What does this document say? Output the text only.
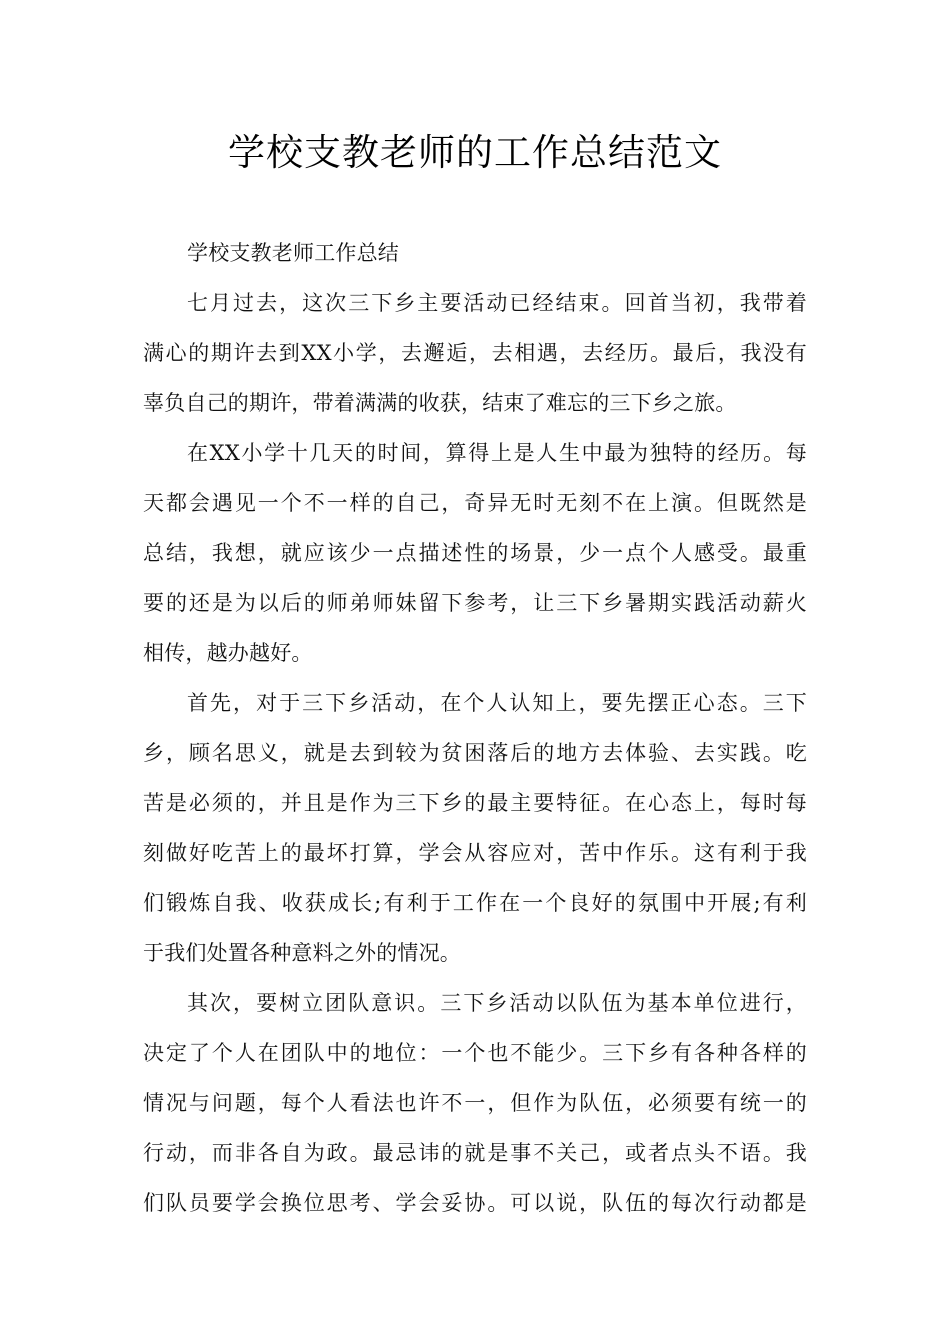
学校支教老师的工作总结范文
学校支教老师工作总结
七月过去，这次三下乡主要活动已经结束。回首当初，我带着
满心的期许去到XX小学，去邂逅，去相遇，去经历。最后，我没有
辜负自己的期许，带着满满的收获，结束了难忘的三下乡之旅。
在XX小学十几天的时间，算得上是人生中最为独特的经历。每
天都会遇见一个不一样的自己，奇异无时无刻不在上演。但既然是
总结，我想，就应该少一点描述性的场景，少一点个人感受。最重
要的还是为以后的师弟师妹留下参考，让三下乡暑期实践活动薪火
相传，越办越好。
首先，对于三下乡活动，在个人认知上，要先摆正心态。三下
乡，顾名思义，就是去到较为贫困落后的地方去体验、去实践。吃
苦是必须的，并且是作为三下乡的最主要特征。在心态上，每时每
刻做好吃苦上的最坏打算，学会从容应对，苦中作乐。这有利于我
们锻炼自我、收获成长;有利于工作在一个良好的氛围中开展;有利
于我们处置各种意料之外的情况。
其次，要树立团队意识。三下乡活动以队伍为基本单位进行，
决定了个人在团队中的地位：一个也不能少。三下乡有各种各样的
情况与问题，每个人看法也许不一，但作为队伍，必须要有统一的
行动，而非各自为政。最忌讳的就是事不关己，或者点头不语。我
们队员要学会换位思考、学会妥协。可以说，队伍的每次行动都是
